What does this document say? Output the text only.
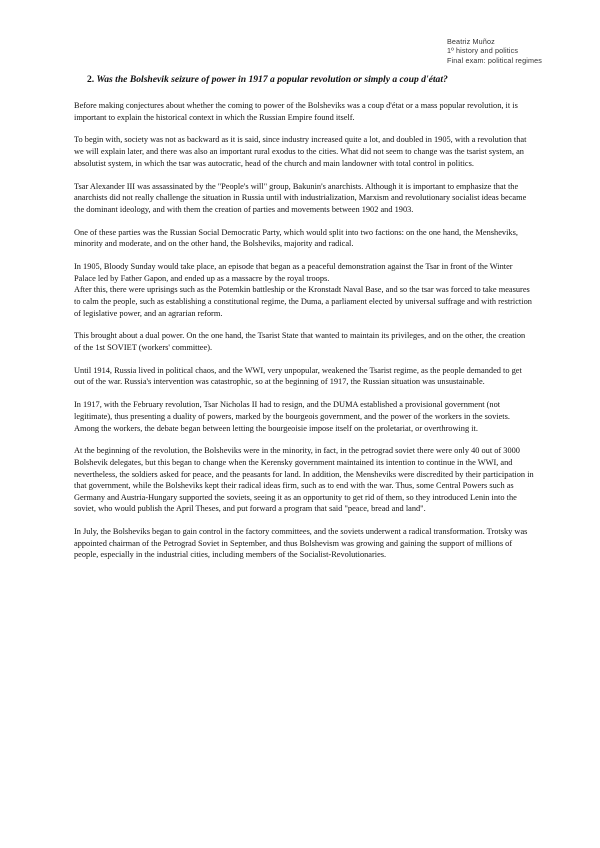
Beatriz Muñoz
1º history and politics
Final exam: political regimes
2. Was the Bolshevik seizure of power in 1917 a popular revolution or simply a coup d'état?

Before making conjectures about whether the coming to power of the Bolsheviks was a coup d'état or a mass popular revolution, it is important to explain the historical context in which the Russian Empire found itself.

To begin with, society was not as backward as it is said, since industry increased quite a lot, and doubled in 1905, with a revolution that we will explain later, and there was also an important rural exodus to the cities. What did not seem to change was the tsarist system, an absolutist system, in which the tsar was autocratic, head of the church and main landowner with total control in politics.

Tsar Alexander III was assassinated by the "People's will" group, Bakunin's anarchists. Although it is important to emphasize that the anarchists did not really challenge the situation in Russia until with industrialization, Marxism and revolutionary socialist ideas became the dominant ideology, and with them the creation of parties and movements between 1902 and 1903.

One of these parties was the Russian Social Democratic Party, which would split into two factions: on the one hand, the Mensheviks, minority and moderate, and on the other hand, the Bolsheviks, majority and radical.

In 1905, Bloody Sunday would take place, an episode that began as a peaceful demonstration against the Tsar in front of the Winter Palace led by Father Gapon, and ended up as a massacre by the royal troops.

After this, there were uprisings such as the Potemkin battleship or the Kronstadt Naval Base, and so the tsar was forced to take measures to calm the people, such as establishing a constitutional regime, the Duma, a parliament elected by universal suffrage and with restriction of legislative power, and an agrarian reform.

This brought about a dual power. On the one hand, the Tsarist State that wanted to maintain its privileges, and on the other, the creation of the 1st SOVIET (workers' committee).

Until 1914, Russia lived in political chaos, and the WWI, very unpopular, weakened the Tsarist regime, as the people demanded to get out of the war. Russia's intervention was catastrophic, so at the beginning of 1917, the Russian situation was unsustainable.

In 1917, with the February revolution, Tsar Nicholas II had to resign, and the DUMA established a provisional government (not legitimate), thus presenting a duality of powers, marked by the bourgeois government, and the power of the workers in the soviets. Among the workers, the debate began between letting the bourgeoisie impose itself on the proletariat, or overthrowing it.

At the beginning of the revolution, the Bolsheviks were in the minority, in fact, in the petrograd soviet there were only 40 out of 3000 Bolshevik delegates, but this began to change when the Kerensky government maintained its intention to continue in the WWI, and nevertheless, the soldiers asked for peace, and the peasants for land. In addition, the Mensheviks were discredited by their participation in that government, while the Bolsheviks kept their radical ideas firm, such as to end with the war. Thus, some Central Powers such as Germany and Austria-Hungary supported the soviets, seeing it as an opportunity to get rid of them, so they introduced Lenin into the soviet, who would publish the April Theses, and put forward a program that said "peace, bread and land".

In July, the Bolsheviks began to gain control in the factory committees, and the soviets underwent a radical transformation. Trotsky was appointed chairman of the Petrograd Soviet in September, and thus Bolshevism was growing and gaining the support of millions of people, especially in the industrial cities, including members of the Socialist-Revolutionaries.
